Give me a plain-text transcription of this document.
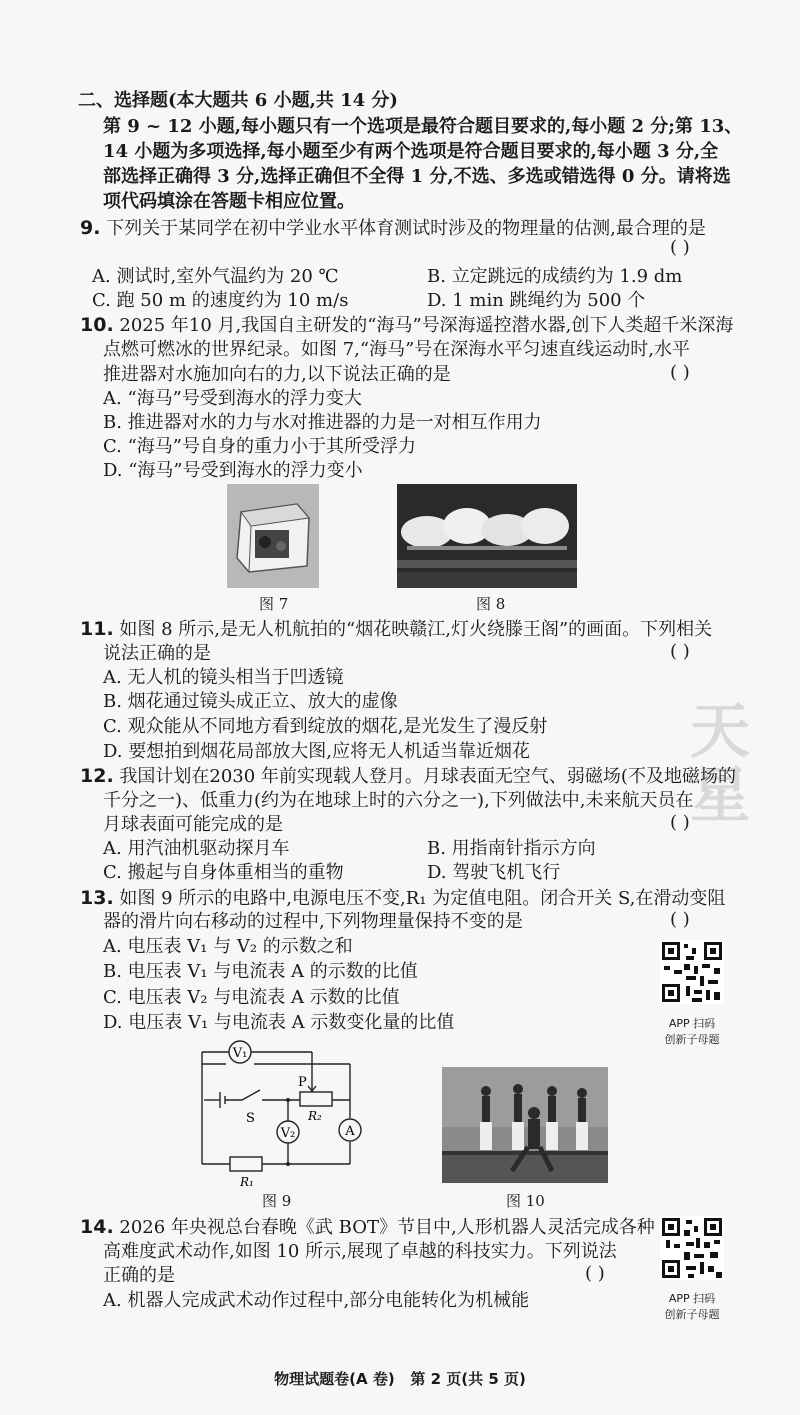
二、选择题(本大题共 6 小题,共 14 分)
第 9 ~ 12 小题,每小题只有一个选项是最符合题目要求的,每小题 2 分;第 13、
14 小题为多项选择,每小题至少有两个选项是符合题目要求的,每小题 3 分,全
部选择正确得 3 分,选择正确但不全得 1 分,不选、多选或错选得 0 分。请将选
项代码填涂在答题卡相应位置。
9. 下列关于某同学在初中学业水平体育测试时涉及的物理量的估测,最合理的是
( )
A. 测试时,室外气温约为 20 ℃	B. 立定跳远的成绩约为 1.9 dm
C. 跑 50 m 的速度约为 10 m/s	D. 1 min 跳绳约为 500 个
10. 2025 年10 月,我国自主研发的“海马”号深海遥控潜水器,创下人类超千米深海
点燃可燃冰的世界纪录。如图 7,“海马”号在深海水平匀速直线运动时,水平
推进器对水施加向右的力,以下说法正确的是	( )
A. “海马”号受到海水的浮力变大
B. 推进器对水的力与水对推进器的力是一对相互作用力
C. “海马”号自身的重力小于其所受浮力
D. “海马”号受到海水的浮力变小
图 7	图 8
11. 如图 8 所示,是无人机航拍的“烟花映赣江,灯火绕滕王阁”的画面。下列相关
说法正确的是	( )
A. 无人机的镜头相当于凹透镜
B. 烟花通过镜头成正立、放大的虚像
C. 观众能从不同地方看到绽放的烟花,是光发生了漫反射
D. 要想拍到烟花局部放大图,应将无人机适当靠近烟花	天星
12. 我国计划在2030 年前实现载人登月。月球表面无空气、弱磁场(不及地磁场的
千分之一)、低重力(约为在地球上时的六分之一),下列做法中,未来航天员在
月球表面可能完成的是	( )
A. 用汽油机驱动探月车	B. 用指南针指示方向
C. 搬起与自身体重相当的重物	D. 驾驶飞机飞行
13. 如图 9 所示的电路中,电源电压不变,R₁ 为定值电阻。闭合开关 S,在滑动变阻
器的滑片向右移动的过程中,下列物理量保持不变的是	( )
A. 电压表 V₁ 与 V₂ 的示数之和
B. 电压表 V₁ 与电流表 A 的示数的比值
C. 电压表 V₂ 与电流表 A 示数的比值
D. 电压表 V₁ 与电流表 A 示数变化量的比值	APP 扫码
创新子母题
V₁
V₂	A
S
P
R₂
R₁
图 9	图 10
14. 2026 年央视总台春晚《武 BOT》节目中,人形机器人灵活完成各种
高难度武术动作,如图 10 所示,展现了卓越的科技实力。下列说法
正确的是	( )
A. 机器人完成武术动作过程中,部分电能转化为机械能	APP 扫码
创新子母题
物理试题卷(A 卷)   第 2 页(共 5 页)
